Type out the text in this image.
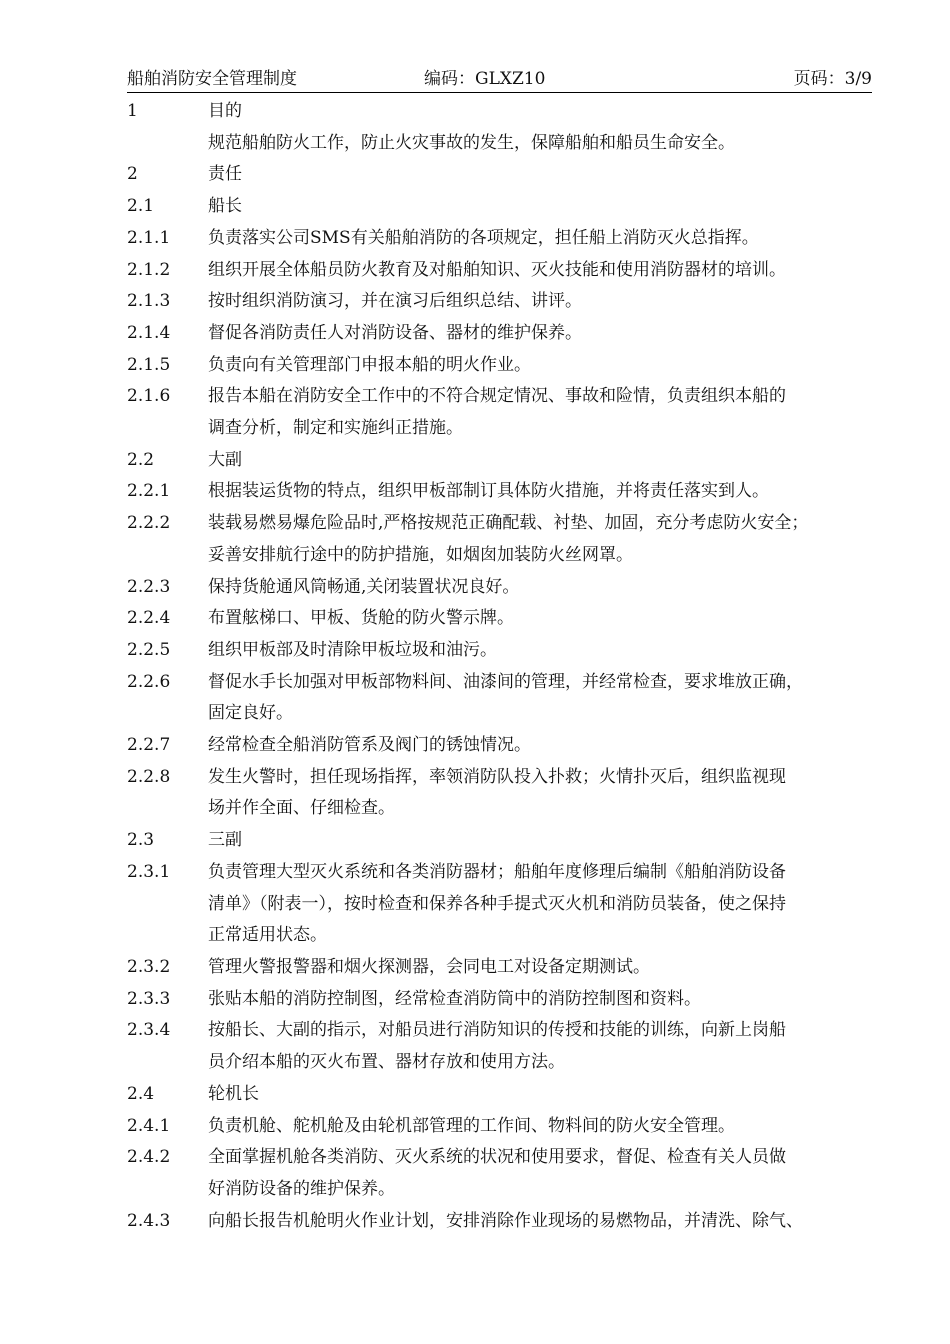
船舶消防安全管理制度	编码：GLXZ10	页码：3/9
1	目的
规范船舶防火工作，防止火灾事故的发生，保障船舶和船员生命安全。
2	责任
2.1	船长
2.1.1	负责落实公司SMS有关船舶消防的各项规定，担任船上消防灭火总指挥。
2.1.2	组织开展全体船员防火教育及对船舶知识、灭火技能和使用消防器材的培训。
2.1.3	按时组织消防演习，并在演习后组织总结、讲评。
2.1.4	督促各消防责任人对消防设备、器材的维护保养。
2.1.5	负责向有关管理部门申报本船的明火作业。
2.1.6	报告本船在消防安全工作中的不符合规定情况、事故和险情，负责组织本船的
调查分析，制定和实施纠正措施。
2.2	大副
2.2.1	根据装运货物的特点，组织甲板部制订具体防火措施，并将责任落实到人。
2.2.2	装载易燃易爆危险品时,严格按规范正确配载、衬垫、加固，充分考虑防火安全；
妥善安排航行途中的防护措施，如烟囱加装防火丝网罩。
2.2.3	保持货舱通风筒畅通,关闭装置状况良好。
2.2.4	布置舷梯口、甲板、货舱的防火警示牌。
2.2.5	组织甲板部及时清除甲板垃圾和油污。
2.2.6	督促水手长加强对甲板部物料间、油漆间的管理，并经常检查，要求堆放正确，
固定良好。
2.2.7	经常检查全船消防管系及阀门的锈蚀情况。
2.2.8	发生火警时，担任现场指挥，率领消防队投入扑救；火情扑灭后，组织监视现
场并作全面、仔细检查。
2.3	三副
2.3.1	负责管理大型灭火系统和各类消防器材；船舶年度修理后编制《船舶消防设备
清单》（附表一），按时检查和保养各种手提式灭火机和消防员装备，使之保持
正常适用状态。
2.3.2	管理火警报警器和烟火探测器，会同电工对设备定期测试。
2.3.3	张贴本船的消防控制图，经常检查消防筒中的消防控制图和资料。
2.3.4	按船长、大副的指示，对船员进行消防知识的传授和技能的训练，向新上岗船
员介绍本船的灭火布置、器材存放和使用方法。
2.4	轮机长
2.4.1	负责机舱、舵机舱及由轮机部管理的工作间、物料间的防火安全管理。
2.4.2	全面掌握机舱各类消防、灭火系统的状况和使用要求，督促、检查有关人员做
好消防设备的维护保养。
2.4.3	向船长报告机舱明火作业计划，安排消除作业现场的易燃物品，并清洗、除气、
